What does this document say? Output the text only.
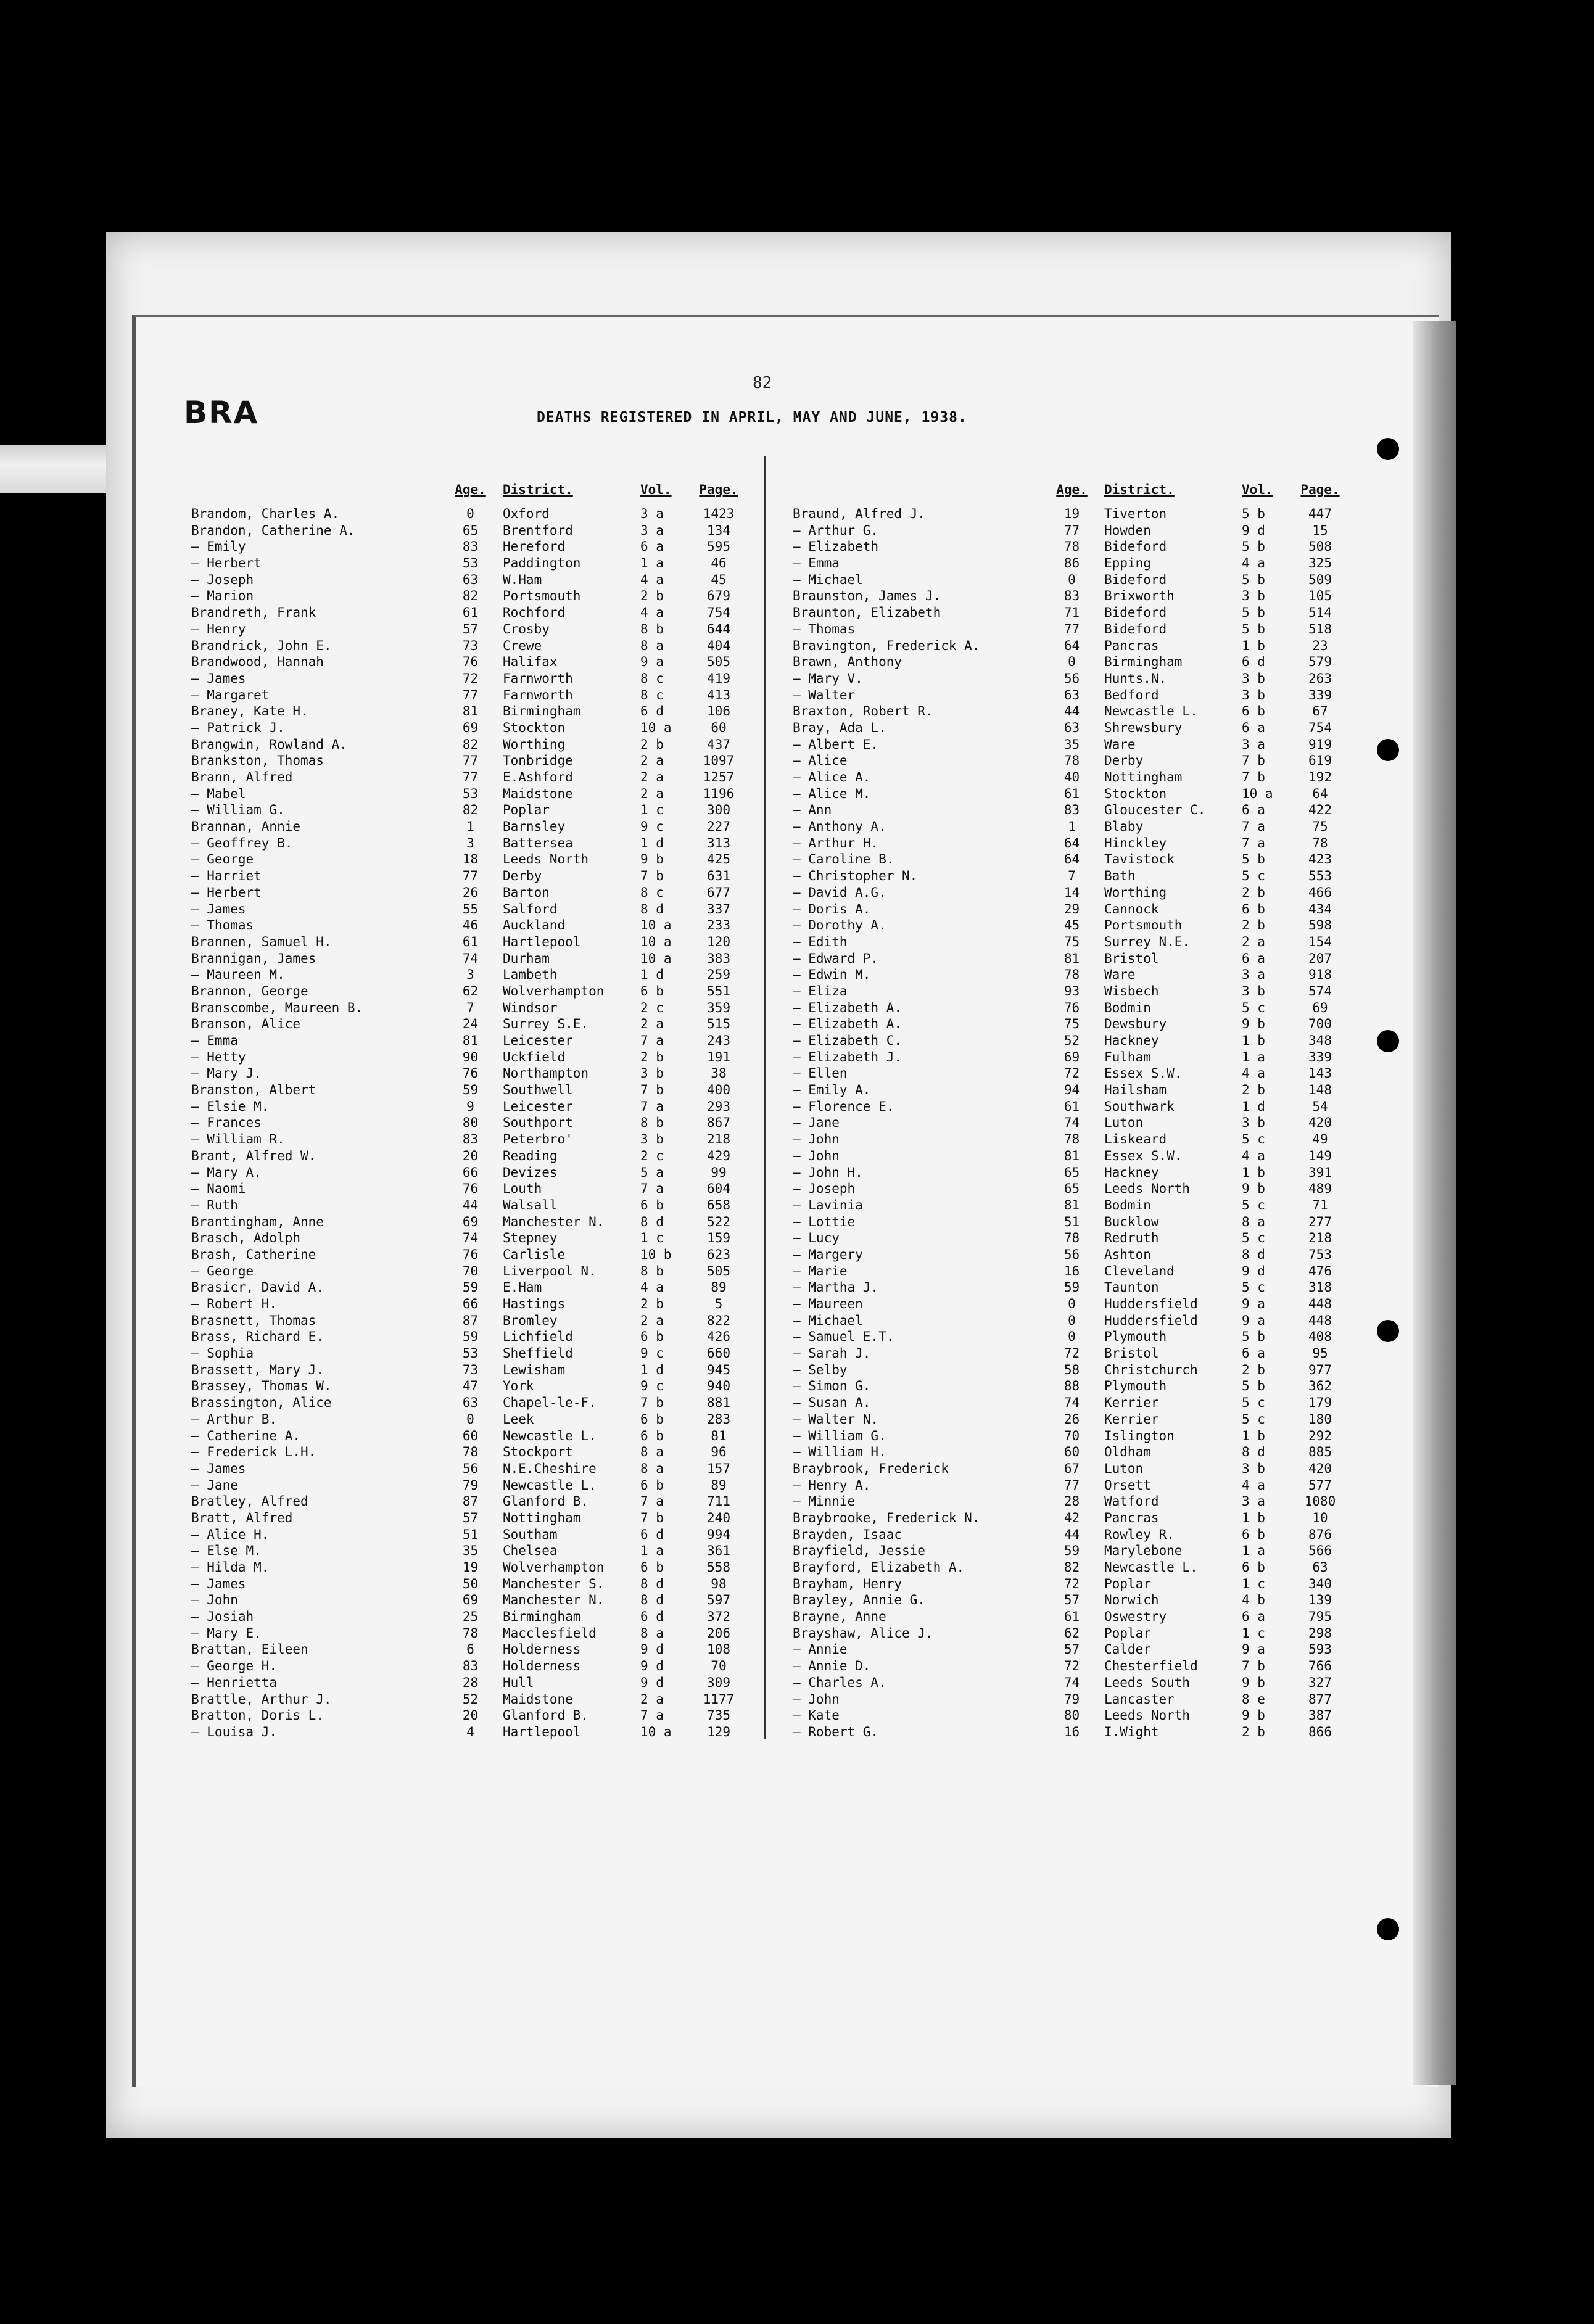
BRA
82
DEATHS REGISTERED IN APRIL, MAY AND JUNE, 1938.
Age.	District.	Vol.	Page.
Brandom, Charles A.	0	Oxford	3 a	1423
Brandon, Catherine A.	65	Brentford	3 a	134
— Emily	83	Hereford	6 a	595
— Herbert	53	Paddington	1 a	46
— Joseph	63	W.Ham	4 a	45
— Marion	82	Portsmouth	2 b	679
Brandreth, Frank	61	Rochford	4 a	754
— Henry	57	Crosby	8 b	644
Brandrick, John E.	73	Crewe	8 a	404
Brandwood, Hannah	76	Halifax	9 a	505
— James	72	Farnworth	8 c	419
— Margaret	77	Farnworth	8 c	413
Braney, Kate H.	81	Birmingham	6 d	106
— Patrick J.	69	Stockton	10 a	60
Brangwin, Rowland A.	82	Worthing	2 b	437
Brankston, Thomas	77	Tonbridge	2 a	1097
Brann, Alfred	77	E.Ashford	2 a	1257
— Mabel	53	Maidstone	2 a	1196
— William G.	82	Poplar	1 c	300
Brannan, Annie	1	Barnsley	9 c	227
— Geoffrey B.	3	Battersea	1 d	313
— George	18	Leeds North	9 b	425
— Harriet	77	Derby	7 b	631
— Herbert	26	Barton	8 c	677
— James	55	Salford	8 d	337
— Thomas	46	Auckland	10 a	233
Brannen, Samuel H.	61	Hartlepool	10 a	120
Brannigan, James	74	Durham	10 a	383
— Maureen M.	3	Lambeth	1 d	259
Brannon, George	62	Wolverhampton	6 b	551
Branscombe, Maureen B.	7	Windsor	2 c	359
Branson, Alice	24	Surrey S.E.	2 a	515
— Emma	81	Leicester	7 a	243
— Hetty	90	Uckfield	2 b	191
— Mary J.	76	Northampton	3 b	38
Branston, Albert	59	Southwell	7 b	400
— Elsie M.	9	Leicester	7 a	293
— Frances	80	Southport	8 b	867
— William R.	83	Peterbro'	3 b	218
Brant, Alfred W.	20	Reading	2 c	429
— Mary A.	66	Devizes	5 a	99
— Naomi	76	Louth	7 a	604
— Ruth	44	Walsall	6 b	658
Brantingham, Anne	69	Manchester N.	8 d	522
Brasch, Adolph	74	Stepney	1 c	159
Brash, Catherine	76	Carlisle	10 b	623
— George	70	Liverpool N.	8 b	505
Brasicr, David A.	59	E.Ham	4 a	89
— Robert H.	66	Hastings	2 b	5
Brasnett, Thomas	87	Bromley	2 a	822
Brass, Richard E.	59	Lichfield	6 b	426
— Sophia	53	Sheffield	9 c	660
Brassett, Mary J.	73	Lewisham	1 d	945
Brassey, Thomas W.	47	York	9 c	940
Brassington, Alice	63	Chapel-le-F.	7 b	881
— Arthur B.	0	Leek	6 b	283
— Catherine A.	60	Newcastle L.	6 b	81
— Frederick L.H.	78	Stockport	8 a	96
— James	56	N.E.Cheshire	8 a	157
— Jane	79	Newcastle L.	6 b	89
Bratley, Alfred	87	Glanford B.	7 a	711
Bratt, Alfred	57	Nottingham	7 b	240
— Alice H.	51	Southam	6 d	994
— Else M.	35	Chelsea	1 a	361
— Hilda M.	19	Wolverhampton	6 b	558
— James	50	Manchester S.	8 d	98
— John	69	Manchester N.	8 d	597
— Josiah	25	Birmingham	6 d	372
— Mary E.	78	Macclesfield	8 a	206
Brattan, Eileen	6	Holderness	9 d	108
— George H.	83	Holderness	9 d	70
— Henrietta	28	Hull	9 d	309
Brattle, Arthur J.	52	Maidstone	2 a	1177
Bratton, Doris L.	20	Glanford B.	7 a	735
— Louisa J.	4	Hartlepool	10 a	129
Age.	District.	Vol.	Page.
Braund, Alfred J.	19	Tiverton	5 b	447
— Arthur G.	77	Howden	9 d	15
— Elizabeth	78	Bideford	5 b	508
— Emma	86	Epping	4 a	325
— Michael	0	Bideford	5 b	509
Braunston, James J.	83	Brixworth	3 b	105
Braunton, Elizabeth	71	Bideford	5 b	514
— Thomas	77	Bideford	5 b	518
Bravington, Frederick A.	64	Pancras	1 b	23
Brawn, Anthony	0	Birmingham	6 d	579
— Mary V.	56	Hunts.N.	3 b	263
— Walter	63	Bedford	3 b	339
Braxton, Robert R.	44	Newcastle L.	6 b	67
Bray, Ada L.	63	Shrewsbury	6 a	754
— Albert E.	35	Ware	3 a	919
— Alice	78	Derby	7 b	619
— Alice A.	40	Nottingham	7 b	192
— Alice M.	61	Stockton	10 a	64
— Ann	83	Gloucester C.	6 a	422
— Anthony A.	1	Blaby	7 a	75
— Arthur H.	64	Hinckley	7 a	78
— Caroline B.	64	Tavistock	5 b	423
— Christopher N.	7	Bath	5 c	553
— David A.G.	14	Worthing	2 b	466
— Doris A.	29	Cannock	6 b	434
— Dorothy A.	45	Portsmouth	2 b	598
— Edith	75	Surrey N.E.	2 a	154
— Edward P.	81	Bristol	6 a	207
— Edwin M.	78	Ware	3 a	918
— Eliza	93	Wisbech	3 b	574
— Elizabeth A.	76	Bodmin	5 c	69
— Elizabeth A.	75	Dewsbury	9 b	700
— Elizabeth C.	52	Hackney	1 b	348
— Elizabeth J.	69	Fulham	1 a	339
— Ellen	72	Essex S.W.	4 a	143
— Emily A.	94	Hailsham	2 b	148
— Florence E.	61	Southwark	1 d	54
— Jane	74	Luton	3 b	420
— John	78	Liskeard	5 c	49
— John	81	Essex S.W.	4 a	149
— John H.	65	Hackney	1 b	391
— Joseph	65	Leeds North	9 b	489
— Lavinia	81	Bodmin	5 c	71
— Lottie	51	Bucklow	8 a	277
— Lucy	78	Redruth	5 c	218
— Margery	56	Ashton	8 d	753
— Marie	16	Cleveland	9 d	476
— Martha J.	59	Taunton	5 c	318
— Maureen	0	Huddersfield	9 a	448
— Michael	0	Huddersfield	9 a	448
— Samuel E.T.	0	Plymouth	5 b	408
— Sarah J.	72	Bristol	6 a	95
— Selby	58	Christchurch	2 b	977
— Simon G.	88	Plymouth	5 b	362
— Susan A.	74	Kerrier	5 c	179
— Walter N.	26	Kerrier	5 c	180
— William G.	70	Islington	1 b	292
— William H.	60	Oldham	8 d	885
Braybrook, Frederick	67	Luton	3 b	420
— Henry A.	77	Orsett	4 a	577
— Minnie	28	Watford	3 a	1080
Braybrooke, Frederick N.	42	Pancras	1 b	10
Brayden, Isaac	44	Rowley R.	6 b	876
Brayfield, Jessie	59	Marylebone	1 a	566
Brayford, Elizabeth A.	82	Newcastle L.	6 b	63
Brayham, Henry	72	Poplar	1 c	340
Brayley, Annie G.	57	Norwich	4 b	139
Brayne, Anne	61	Oswestry	6 a	795
Brayshaw, Alice J.	62	Poplar	1 c	298
— Annie	57	Calder	9 a	593
— Annie D.	72	Chesterfield	7 b	766
— Charles A.	74	Leeds South	9 b	327
— John	79	Lancaster	8 e	877
— Kate	80	Leeds North	9 b	387
— Robert G.	16	I.Wight	2 b	866
